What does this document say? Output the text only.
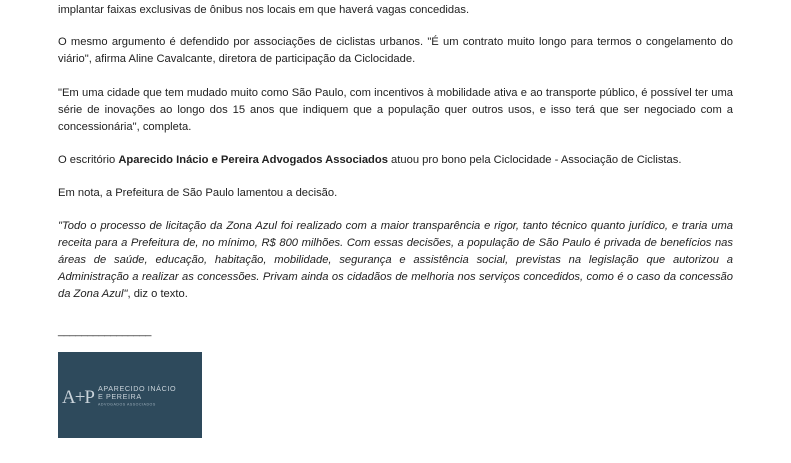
implantar faixas exclusivas de ônibus nos locais em que haverá vagas concedidas.

O mesmo argumento é defendido por associações de ciclistas urbanos. "É um contrato muito longo para termos o congelamento do viário", afirma Aline Cavalcante, diretora de participação da Ciclocidade.

"Em uma cidade que tem mudado muito como São Paulo, com incentivos à mobilidade ativa e ao transporte público, é possível ter uma série de inovações ao longo dos 15 anos que indiquem que a população quer outros usos, e isso terá que ser negociado com a concessionária", completa.

O escritório Aparecido Inácio e Pereira Advogados Associados atuou pro bono pela Ciclocidade - Associação de Ciclistas.

Em nota, a Prefeitura de São Paulo lamentou a decisão.

"Todo o processo de licitação da Zona Azul foi realizado com a maior transparência e rigor, tanto técnico quanto jurídico, e traria uma receita para a Prefeitura de, no mínimo, R$ 800 milhões. Com essas decisões, a população de São Paulo é privada de benefícios nas áreas de saúde, educação, habitação, mobilidade, segurança e assistência social, previstas na legislação que autorizou a Administração a realizar as concessões. Privam ainda os cidadãos de melhoria nos serviços concedidos, como é o caso da concessão da Zona Azul", diz o texto.

________________
A+P APARECIDO INÁCIO
E PEREIRA
ADVOGADOS ASSOCIADOS
